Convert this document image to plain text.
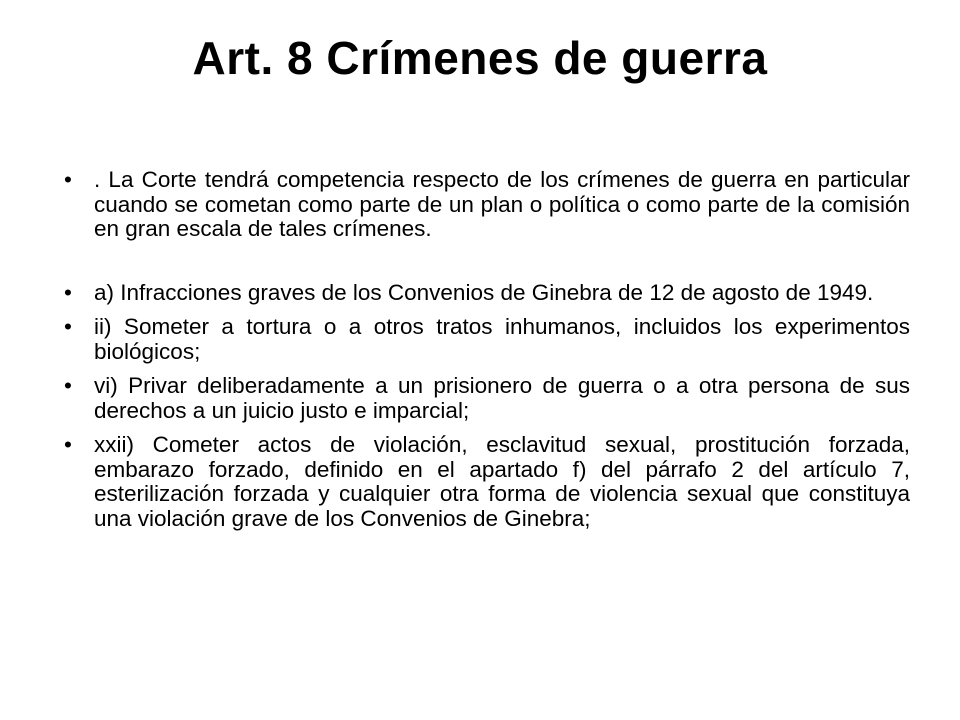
Art. 8 Crímenes de guerra
• . La Corte tendrá competencia respecto de los crímenes de guerra en particular cuando se cometan como parte de un plan o política o como parte de la comisión en gran escala de tales crímenes.
• a) Infracciones graves de los Convenios de Ginebra de 12 de agosto de 1949.
• ii) Someter a tortura o a otros tratos inhumanos, incluidos los experimentos biológicos;
• vi) Privar deliberadamente a un prisionero de guerra o a otra persona de sus derechos a un juicio justo e imparcial;
• xxii) Cometer actos de violación, esclavitud sexual, prostitución forzada, embarazo forzado, definido en el apartado f) del párrafo 2 del artículo 7, esterilización forzada y cualquier otra forma de violencia sexual que constituya una violación grave de los Convenios de Ginebra;
